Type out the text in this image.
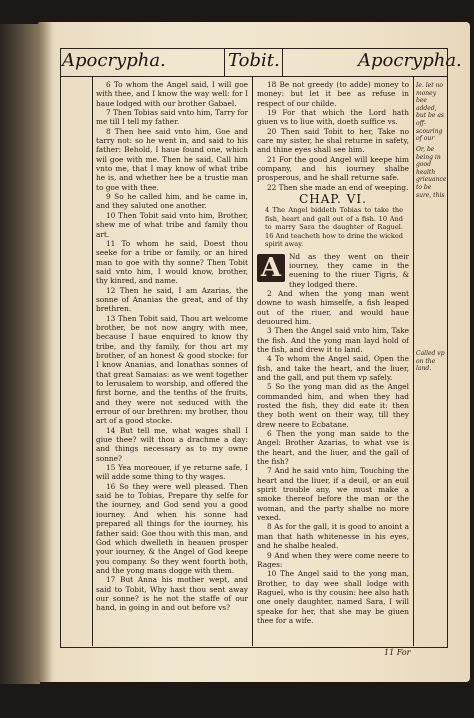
Apocrypha.	Tobit.	Apocrypha.

6 To whom the Angel said, I will goe with thee, and I know the way well: for I haue lodged with our brother Gabael.

7 Then Tobias said vnto him, Tarry for me till I tell my father.

8 Then hee said vnto him, Goe and tarry not: so he went in, and said to his father: Behold, I haue found one, which wil goe with me. Then he said, Call him vnto me, that I may know of what tribe he is, and whether hee be a trustie man to goe with thee.

9 So he called him, and he came in, and they saluted one another.

10 Then Tobit said vnto him, Brother, shew me of what tribe and family thou art.

11 To whom he said, Doest thou seeke for a tribe or family, or an hired man to goe with thy sonne? Then Tobit said vnto him, I would know, brother, thy kinred, and name.

12 Then he said, I am Azarias, the sonne of Ananias the great, and of thy brethren.

13 Then Tobit said, Thou art welcome brother, be not now angry with mee, because I haue enquired to know thy tribe, and thy family, for thou art my brother, of an honest & good stocke: for I know Ananias, and Ionathas sonnes of that great Samaias: as we went together to Ierusalem to worship, and offered the first borne, and the tenths of the fruits, and they were not seduced with the errour of our brethren: my brother, thou art of a good stocke.

14 But tell me, what wages shall I giue thee? wilt thou a drachme a day: and things necessary as to my owne sonne?

15 Yea moreouer, if ye returne safe, I will adde some thing to thy wages.

16 So they were well pleased. Then said he to Tobias, Prepare thy selfe for the iourney, and God send you a good iourney. And when his sonne had prepared all things for the iourney, his father said: Goe thou with this man, and God which dwelleth in heauen prosper your iourney, & the Angel of God keepe you company. So they went foorth both, and the yong mans dogge with them.

17 But Anna his mother wept, and said to Tobit, Why hast thou sent away our sonne? is he not the staffe of our hand, in going in and out before vs?

18 Be not greedy (to adde) money to money: but let it bee as refuse in respect of our childe.

19 For that which the Lord hath giuen vs to liue with, doeth suffice vs.

20 Then said Tobit to her, Take no care my sister, he shal returne in safety, and thine eyes shall see him.

21 For the good Angel will keepe him company, and his iourney shalbe prosperous, and he shall returne safe.

22 Then she made an end of weeping.

CHAP. VI.

4 The Angel biddeth Tobias to take the fish, heart and gall out of a fish. 10 And to marry Sara the daughter of Raguel. 16 And teacheth how to drine the wicked spirit away.

A	Nd as they went on their iourney, they came in the euening to the riuer Tigris, & they lodged there.

2 And when the yong man went downe to wash himselfe, a fish leaped out of the riuer, and would haue deuoured him.

3 Then the Angel said vnto him, Take the fish. And the yong man layd hold of the fish, and drew it to land.

4 To whom the Angel said, Open the fish, and take the heart, and the liuer, and the gall, and put them vp safely.

5 So the yong man did as the Angel commanded him, and when they had rosted the fish, they did eate it: then they both went on their way, till they drew neere to Ecbatane.

6 Then the yong man saide to the Angel: Brother Azarias, to what vse is the heart, and the liuer, and the gall of the fish?

7 And he said vnto him, Touching the heart and the liuer, if a deuil, or an euil spirit trouble any, we must make a smoke thereof before the man or the woman, and the party shalbe no more vexed.

8 As for the gall, it is good to anoint a man that hath whitenesse in his eyes, and he shalbe healed.

9 And when they were come neere to Rages:

10 The Angel said to the yong man, Brother, to day wee shall lodge with Raguel, who is thy cousin: hee also hath one onely daughter, named Sara, I will speake for her, that she may be giuen thee for a wife.

Ie. let no money bee added, but be as off-scouring of our
Or, be being in good health grieuance to be sure, this
Called vp on the land.
11 For
